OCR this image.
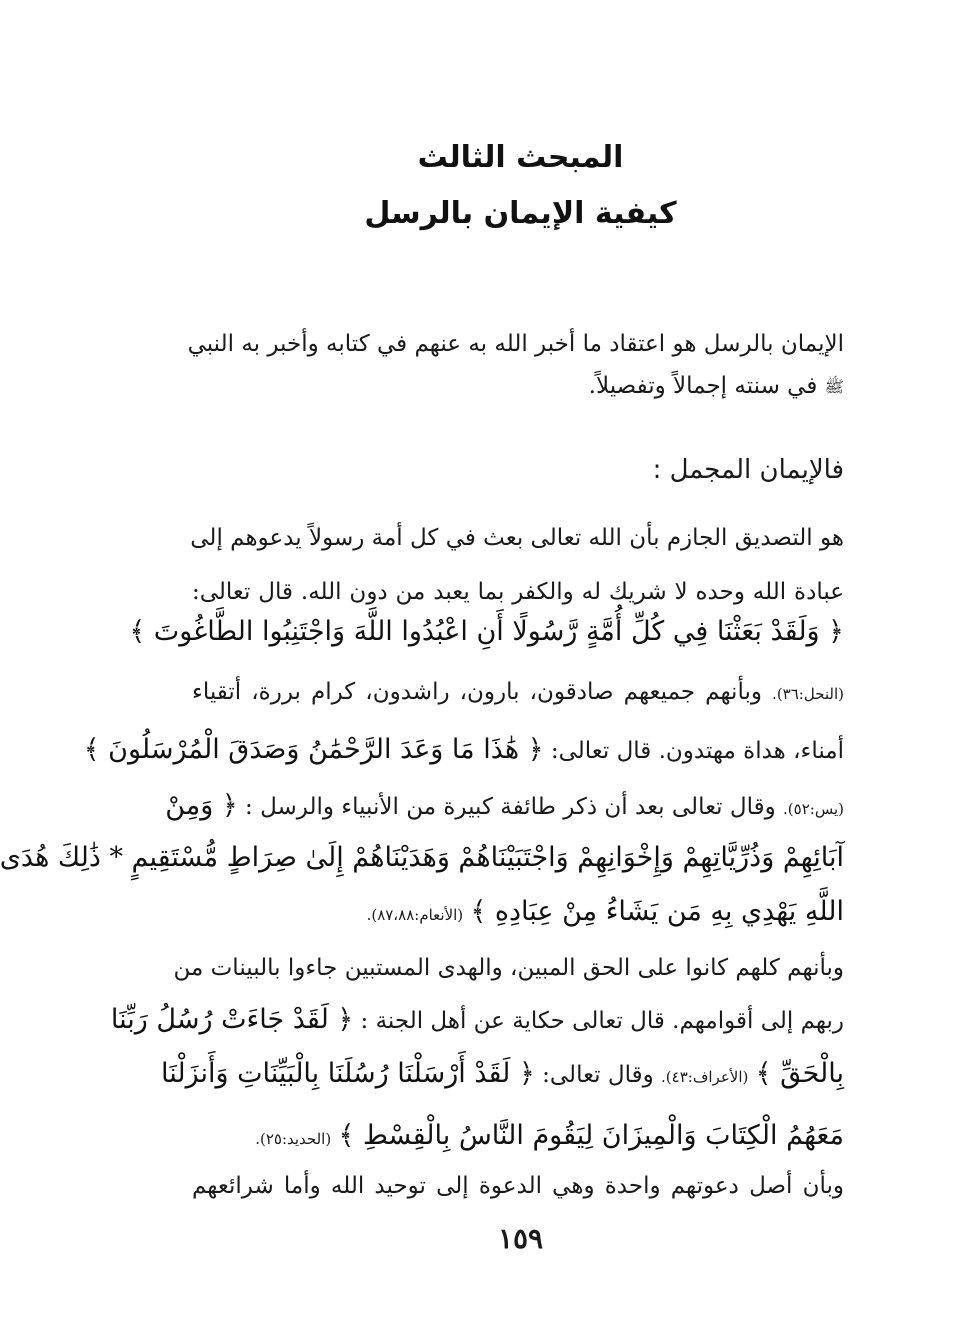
المبحث الثالث
كيفية الإيمان بالرسل
الإيمان بالرسل هو اعتقاد ما أخبر الله به عنهم في كتابه وأخبر به النبي
ﷺ في سنته إجمالاً وتفصيلاً.
فالإيمان المجمل :
هو التصديق الجازم بأن الله تعالى بعث في كل أمة رسولاً يدعوهم إلى
عبادة الله وحده لا شريك له والكفر بما يعبد من دون الله. قال تعالى:
﴿ وَلَقَدْ بَعَثْنَا فِي كُلِّ أُمَّةٍ رَّسُولًا أَنِ اعْبُدُوا اللَّهَ وَاجْتَنِبُوا الطَّاغُوتَ ﴾
(النحل:٣٦). وبأنهم جميعهم صادقون، بارون، راشدون، كرام بررة، أتقياء
أمناء، هداة مهتدون. قال تعالى: ﴿ هَٰذَا مَا وَعَدَ الرَّحْمَٰنُ وَصَدَقَ الْمُرْسَلُونَ ﴾
(يس:٥٢). وقال تعالى بعد أن ذكر طائفة كبيرة من الأنبياء والرسل : ﴿ وَمِنْ
آبَائِهِمْ وَذُرِّيَّاتِهِمْ وَإِخْوَانِهِمْ وَاجْتَبَيْنَاهُمْ وَهَدَيْنَاهُمْ إِلَىٰ صِرَاطٍ مُّسْتَقِيمٍ * ذَٰلِكَ هُدَى
اللَّهِ يَهْدِي بِهِ مَن يَشَاءُ مِنْ عِبَادِهِ ﴾ (الأنعام:٨٧،٨٨).
وبأنهم كلهم كانوا على الحق المبين، والهدى المستبين جاءوا بالبينات من
ربهم إلى أقوامهم. قال تعالى حكاية عن أهل الجنة : ﴿ لَقَدْ جَاءَتْ رُسُلُ رَبِّنَا
بِالْحَقِّ ﴾ (الأعراف:٤٣). وقال تعالى: ﴿ لَقَدْ أَرْسَلْنَا رُسُلَنَا بِالْبَيِّنَاتِ وَأَنزَلْنَا
مَعَهُمُ الْكِتَابَ وَالْمِيزَانَ لِيَقُومَ النَّاسُ بِالْقِسْطِ ﴾ (الحديد:٢٥).
وبأن أصل دعوتهم واحدة وهي الدعوة إلى توحيد الله وأما شرائعهم
١٥٩
